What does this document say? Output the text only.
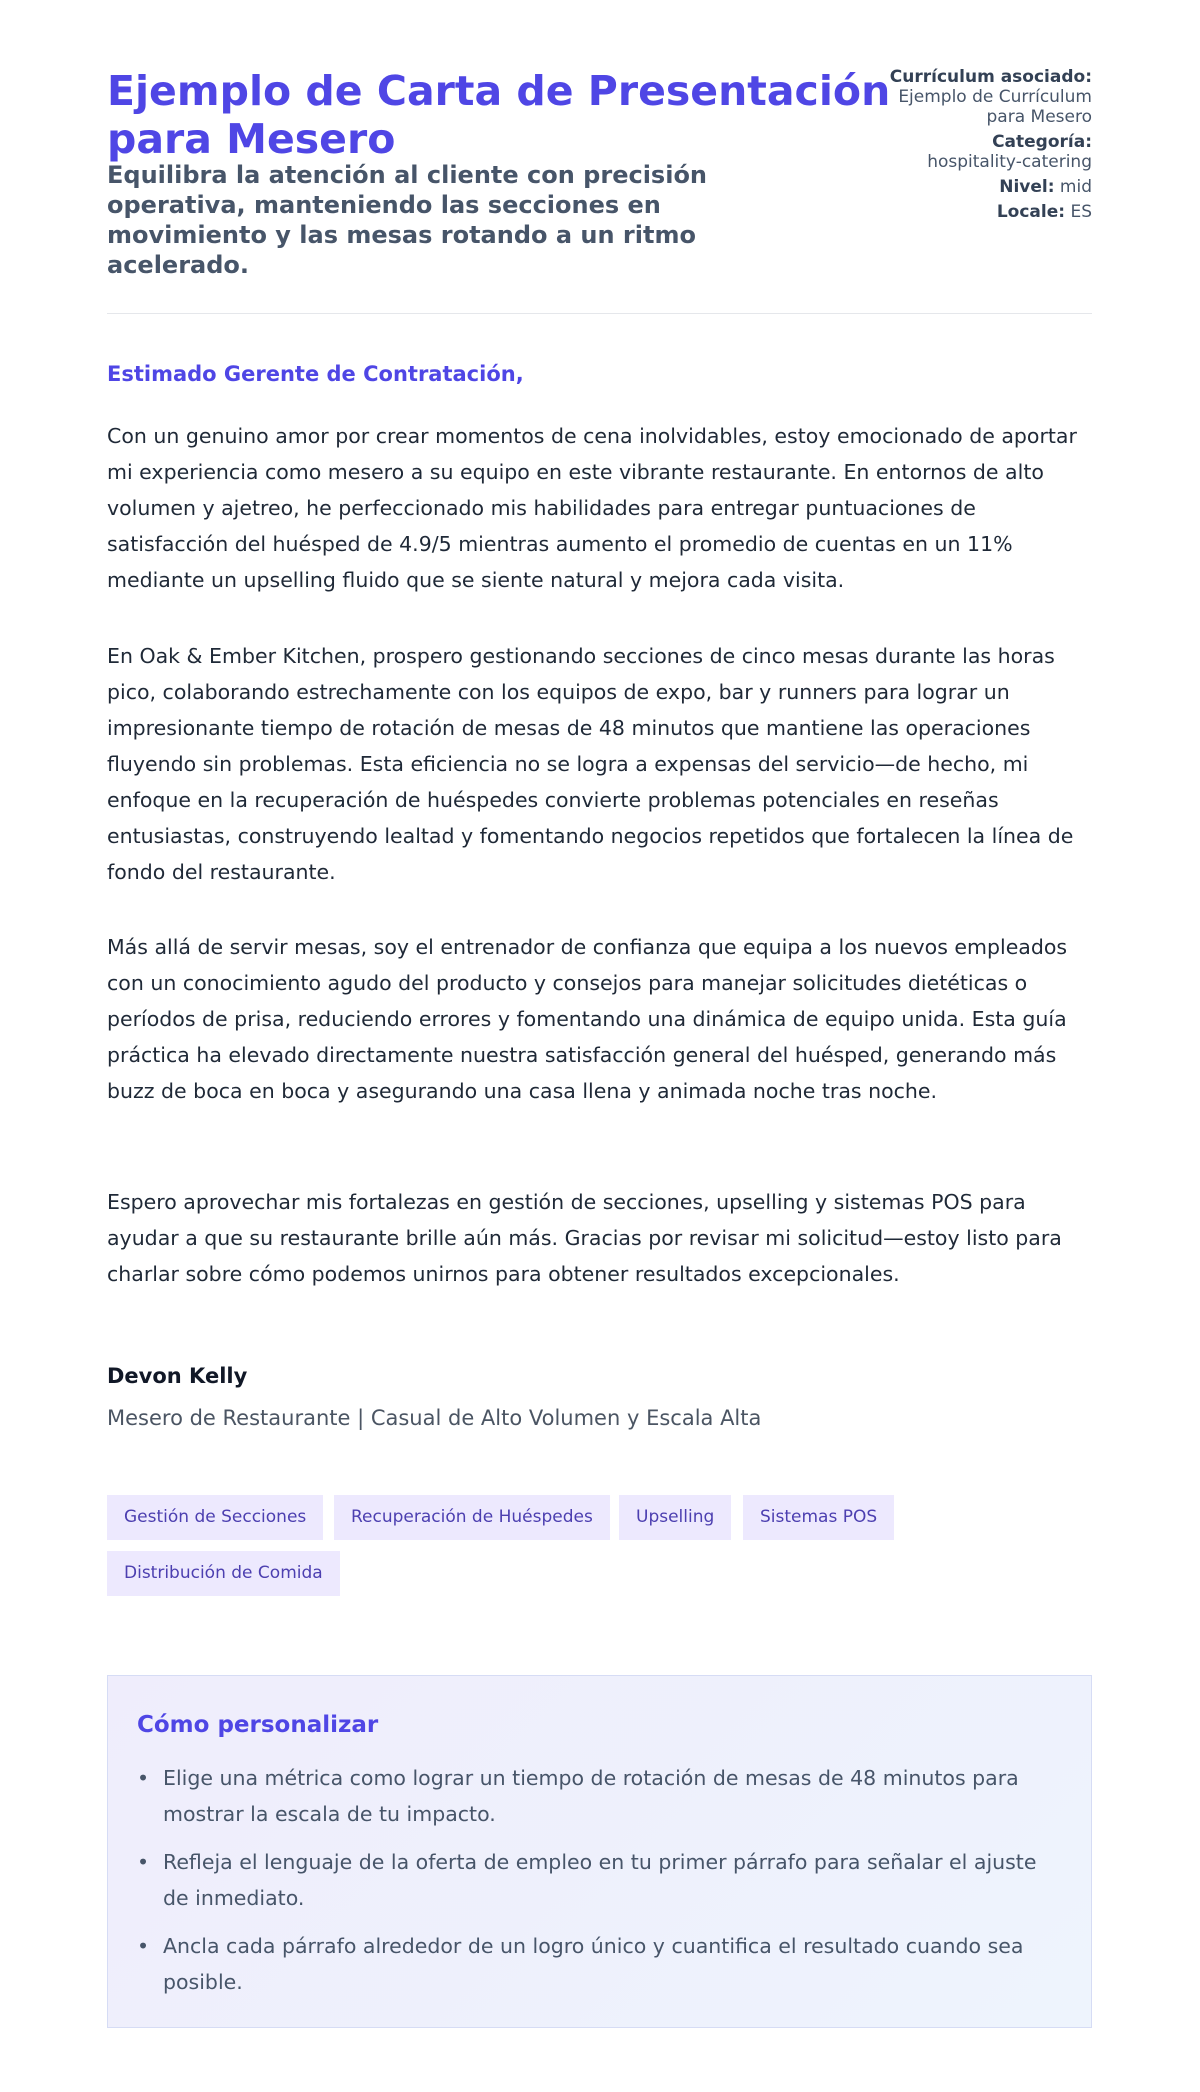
Ejemplo de Carta de Presentación para Mesero
Equilibra la atención al cliente con precisión operativa, manteniendo las secciones en movimiento y las mesas rotando a un ritmo acelerado.
Currículum asociado: Ejemplo de Currículum para Mesero
Categoría:
hospitality-catering
Nivel: mid
Locale: ES
Estimado Gerente de Contratación,

Con un genuino amor por crear momentos de cena inolvidables, estoy emocionado de aportar mi experiencia como mesero a su equipo en este vibrante restaurante. En entornos de alto volumen y ajetreo, he perfeccionado mis habilidades para entregar puntuaciones de satisfacción del huésped de 4.9/5 mientras aumento el promedio de cuentas en un 11% mediante un upselling fluido que se siente natural y mejora cada visita.

En Oak & Ember Kitchen, prospero gestionando secciones de cinco mesas durante las horas pico, colaborando estrechamente con los equipos de expo, bar y runners para lograr un impresionante tiempo de rotación de mesas de 48 minutos que mantiene las operaciones fluyendo sin problemas. Esta eficiencia no se logra a expensas del servicio—de hecho, mi enfoque en la recuperación de huéspedes convierte problemas potenciales en reseñas entusiastas, construyendo lealtad y fomentando negocios repetidos que fortalecen la línea de fondo del restaurante.

Más allá de servir mesas, soy el entrenador de confianza que equipa a los nuevos empleados con un conocimiento agudo del producto y consejos para manejar solicitudes dietéticas o períodos de prisa, reduciendo errores y fomentando una dinámica de equipo unida. Esta guía práctica ha elevado directamente nuestra satisfacción general del huésped, generando más buzz de boca en boca y asegurando una casa llena y animada noche tras noche.

Espero aprovechar mis fortalezas en gestión de secciones, upselling y sistemas POS para ayudar a que su restaurante brille aún más. Gracias por revisar mi solicitud—estoy listo para charlar sobre cómo podemos unirnos para obtener resultados excepcionales.

Devon Kelly
Mesero de Restaurante | Casual de Alto Volumen y Escala Alta
Gestión de Secciones	Recuperación de Huéspedes	Upselling	Sistemas POS
Distribución de Comida
Cómo personalizar
• Elige una métrica como lograr un tiempo de rotación de mesas de 48 minutos para mostrar la escala de tu impacto.
• Refleja el lenguaje de la oferta de empleo en tu primer párrafo para señalar el ajuste de inmediato.
• Ancla cada párrafo alrededor de un logro único y cuantifica el resultado cuando sea posible.
